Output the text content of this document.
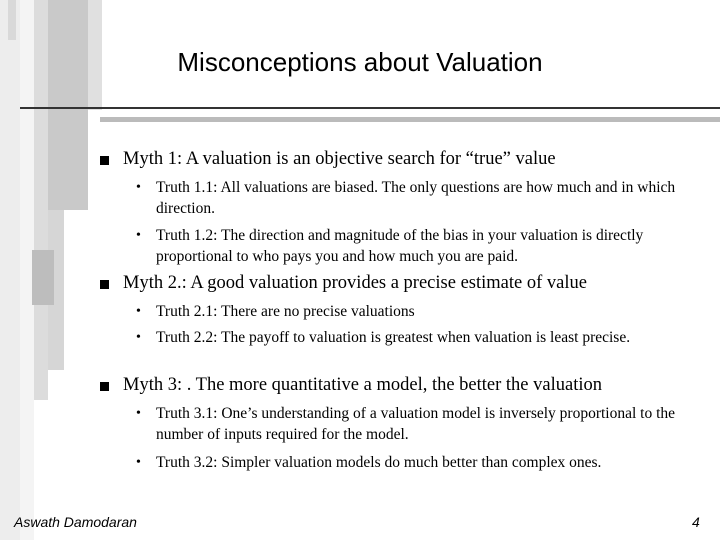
Misconceptions about Valuation
Myth 1: A valuation is an objective search for “true” value
• Truth 1.1: All valuations are biased. The only questions are how much and in which direction.
• Truth 1.2: The direction and magnitude of the bias in your valuation is directly proportional to who pays you and how much you are paid.
Myth 2.: A good valuation provides a precise estimate of value
• Truth 2.1: There are no precise valuations
• Truth 2.2: The payoff to valuation is greatest when valuation is least precise.
Myth 3: . The more quantitative a model, the better the valuation
• Truth 3.1: One’s understanding of a valuation model is inversely proportional to the number of inputs required for the model.
• Truth 3.2: Simpler valuation models do much better than complex ones.
Aswath Damodaran	4
